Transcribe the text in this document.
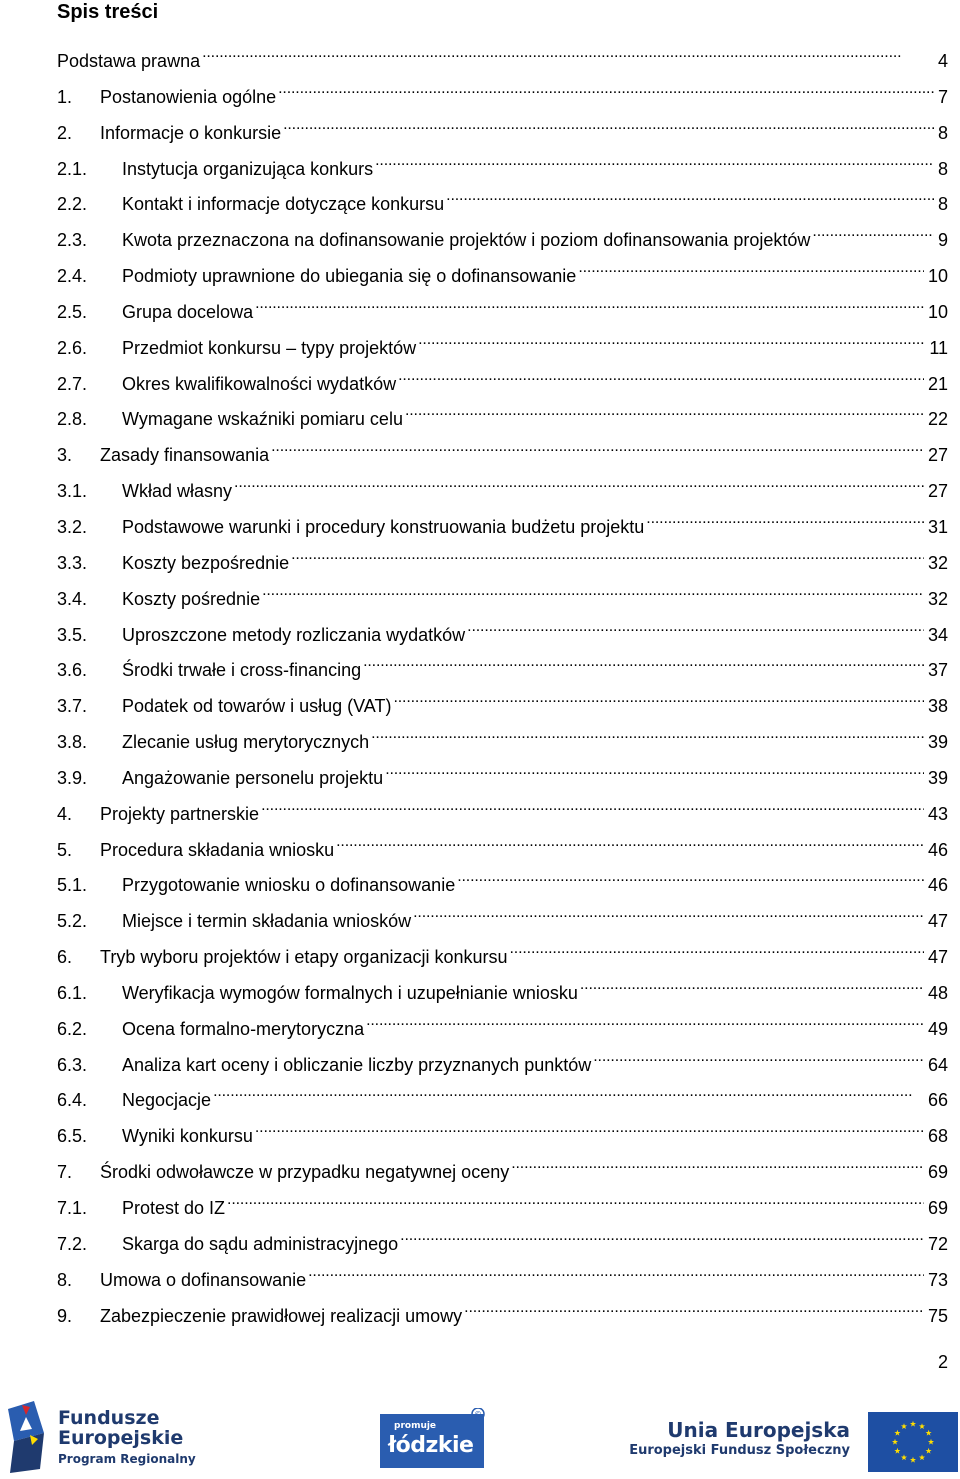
Spis treści
Podstawa prawna . . .	4
1.	Postanowienia ogólne . . .	7
2.	Informacje o konkursie . . .	8
2.1.	Instytucja organizująca konkurs . . .	8
2.2.	Kontakt i informacje dotyczące konkursu . . .	8
2.3.	Kwota przeznaczona na dofinansowanie projektów i poziom dofinansowania projektów . . .	9
2.4.	Podmioty uprawnione do ubiegania się o dofinansowanie . . .	10
2.5.	Grupa docelowa . . .	10
2.6.	Przedmiot konkursu – typy projektów . . .	11
2.7.	Okres kwalifikowalności wydatków . . .	21
2.8.	Wymagane wskaźniki pomiaru celu . . .	22
3.	Zasady finansowania . . .	27
3.1.	Wkład własny . . .	27
3.2.	Podstawowe warunki i procedury konstruowania budżetu projektu . . .	31
3.3.	Koszty bezpośrednie . . .	32
3.4.	Koszty pośrednie . . .	32
3.5.	Uproszczone metody rozliczania wydatków . . .	34
3.6.	Środki trwałe i cross-financing . . .	37
3.7.	Podatek od towarów i usług (VAT) . . .	38
3.8.	Zlecanie usług merytorycznych . . .	39
3.9.	Angażowanie personelu projektu . . .	39
4.	Projekty partnerskie . . .	43
5.	Procedura składania wniosku . . .	46
5.1.	Przygotowanie wniosku o dofinansowanie . . .	46
5.2.	Miejsce i termin składania wniosków . . .	47
6.	Tryb wyboru projektów i etapy organizacji konkursu . . .	47
6.1.	Weryfikacja wymogów formalnych i uzupełnianie wniosku . . .	48
6.2.	Ocena formalno-merytoryczna . . .	49
6.3.	Analiza kart oceny i obliczanie liczby przyznanych punktów . . .	64
6.4.	Negocjacje . . .	66
6.5.	Wyniki konkursu . . .	68
7.	Środki odwoławcze w przypadku negatywnej oceny . . .	69
7.1.	Protest do IZ . . .	69
7.2.	Skarga do sądu administracyjnego . . .	72
8.	Umowa o dofinansowanie . . .	73
9.	Zabezpieczenie prawidłowej realizacji umowy . . .	75
2
Fundusze
Europejskie
Program Regionalny
©
promuje
łódzkie
Unia Europejska
Europejski Fundusz Społeczny
